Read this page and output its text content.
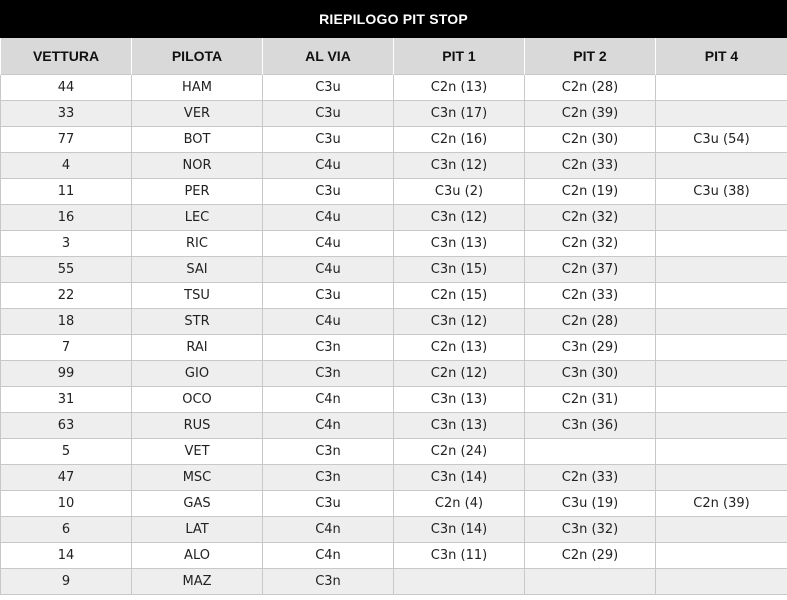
RIEPILOGO PIT STOP
VETTURA	PILOTA	AL VIA	PIT 1	PIT 2	PIT 4
44	HAM	C3u	C2n (13)	C2n (28)	
33	VER	C3u	C3n (17)	C2n (39)	
77	BOT	C3u	C2n (16)	C2n (30)	C3u (54)
4	NOR	C4u	C3n (12)	C2n (33)	
11	PER	C3u	C3u (2)	C2n (19)	C3u (38)
16	LEC	C4u	C3n (12)	C2n (32)	
3	RIC	C4u	C3n (13)	C2n (32)	
55	SAI	C4u	C3n (15)	C2n (37)	
22	TSU	C3u	C2n (15)	C2n (33)	
18	STR	C4u	C3n (12)	C2n (28)	
7	RAI	C3n	C2n (13)	C3n (29)	
99	GIO	C3n	C2n (12)	C3n (30)	
31	OCO	C4n	C3n (13)	C2n (31)	
63	RUS	C4n	C3n (13)	C3n (36)	
5	VET	C3n	C2n (24)		
47	MSC	C3n	C3n (14)	C2n (33)	
10	GAS	C3u	C2n (4)	C3u (19)	C2n (39)
6	LAT	C4n	C3n (14)	C3n (32)	
14	ALO	C4n	C3n (11)	C2n (29)	
9	MAZ	C3n			
